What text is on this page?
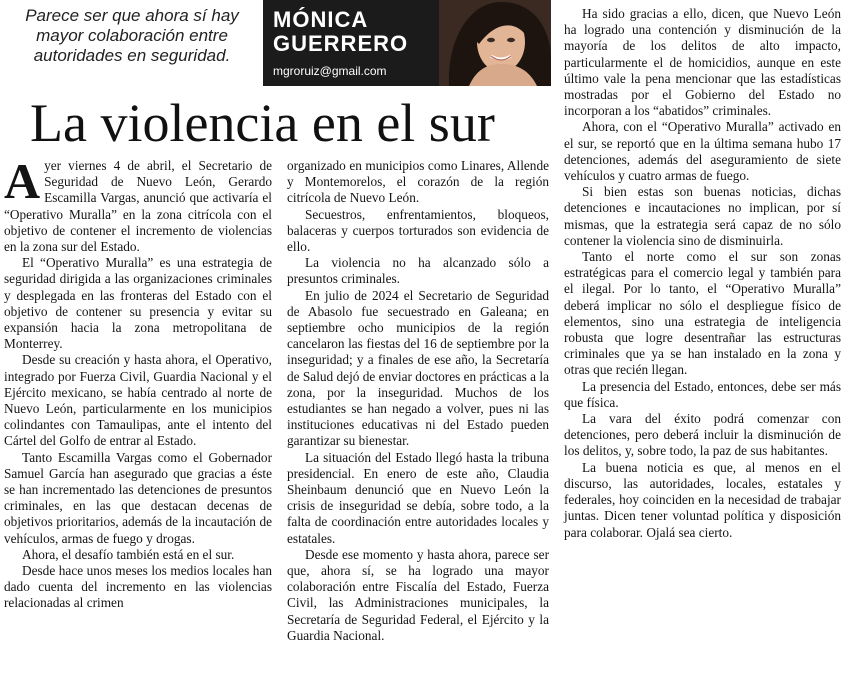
Parece ser que ahora sí hay mayor colaboración entre autoridades en seguridad.
MÓNICA
GUERRERO
mgroruiz@gmail.com
La violencia en el sur

Ayer viernes 4 de abril, el Secretario de Seguridad de Nuevo León, Gerardo Escamilla Vargas, anunció que activaría el “Operativo Muralla” en la zona citrícola con el objetivo de contener el incremento de violencias en la zona sur del Estado.

El “Operativo Muralla” es una estrategia de seguridad dirigida a las organizaciones criminales y desplegada en las fronteras del Estado con el objetivo de contener su presencia y evitar su expansión hacia la zona metropolitana de Monterrey.

Desde su creación y hasta ahora, el Operativo, integrado por Fuerza Civil, Guardia Nacional y el Ejército mexicano, se había centrado al norte de Nuevo León, particularmente en los municipios colindantes con Tamaulipas, ante el intento del Cártel del Golfo de entrar al Estado.

Tanto Escamilla Vargas como el Gobernador Samuel García han asegurado que gracias a éste se han incrementado las detenciones de presuntos criminales, en las que destacan decenas de objetivos prioritarios, además de la incautación de vehículos, armas de fuego y drogas.

Ahora, el desafío también está en el sur.

Desde hace unos meses los medios locales han dado cuenta del incremento en las violencias relacionadas al crimen

organizado en municipios como Linares, Allende y Montemorelos, el corazón de la región citrícola de Nuevo León.

Secuestros, enfrentamientos, bloqueos, balaceras y cuerpos torturados son evidencia de ello.

La violencia no ha alcanzado sólo a presuntos criminales.

En julio de 2024 el Secretario de Seguridad de Abasolo fue secuestrado en Galeana; en septiembre ocho municipios de la región cancelaron las fiestas del 16 de septiembre por la inseguridad; y a finales de ese año, la Secretaría de Salud dejó de enviar doctores en prácticas a la zona, por la inseguridad. Muchos de los estudiantes se han negado a volver, pues ni las instituciones educativas ni del Estado pueden garantizar su bienestar.

La situación del Estado llegó hasta la tribuna presidencial. En enero de este año, Claudia Sheinbaum denunció que en Nuevo León la crisis de inseguridad se debía, sobre todo, a la falta de coordinación entre autoridades locales y estatales.

Desde ese momento y hasta ahora, parece ser que, ahora sí, se ha logrado una mayor colaboración entre Fiscalía del Estado, Fuerza Civil, las Administraciones municipales, la Secretaría de Seguridad Federal, el Ejército y la Guardia Nacional.

Ha sido gracias a ello, dicen, que Nuevo León ha logrado una contención y disminución de la mayoría de los delitos de alto impacto, particularmente el de homicidios, aunque en este último vale la pena mencionar que las estadísticas mostradas por el Gobierno del Estado no incorporan a los “abatidos” criminales.

Ahora, con el “Operativo Muralla” activado en el sur, se reportó que en la última semana hubo 17 detenciones, además del aseguramiento de siete vehículos y cuatro armas de fuego.

Si bien estas son buenas noticias, dichas detenciones e incautaciones no implican, por sí mismas, que la estrategia será capaz de no sólo contener la violencia sino de disminuirla.

Tanto el norte como el sur son zonas estratégicas para el comercio legal y también para el ilegal. Por lo tanto, el “Operativo Muralla” deberá implicar no sólo el despliegue físico de elementos, sino una estrategia de inteligencia robusta que logre desentrañar las estructuras criminales que ya se han instalado en la zona y otras que recién llegan.

La presencia del Estado, entonces, debe ser más que física.

La vara del éxito podrá comenzar con detenciones, pero deberá incluir la disminución de los delitos, y, sobre todo, la paz de sus habitantes.

La buena noticia es que, al menos en el discurso, las autoridades, locales, estatales y federales, hoy coinciden en la necesidad de trabajar juntas. Dicen tener voluntad política y disposición para colaborar. Ojalá sea cierto.
